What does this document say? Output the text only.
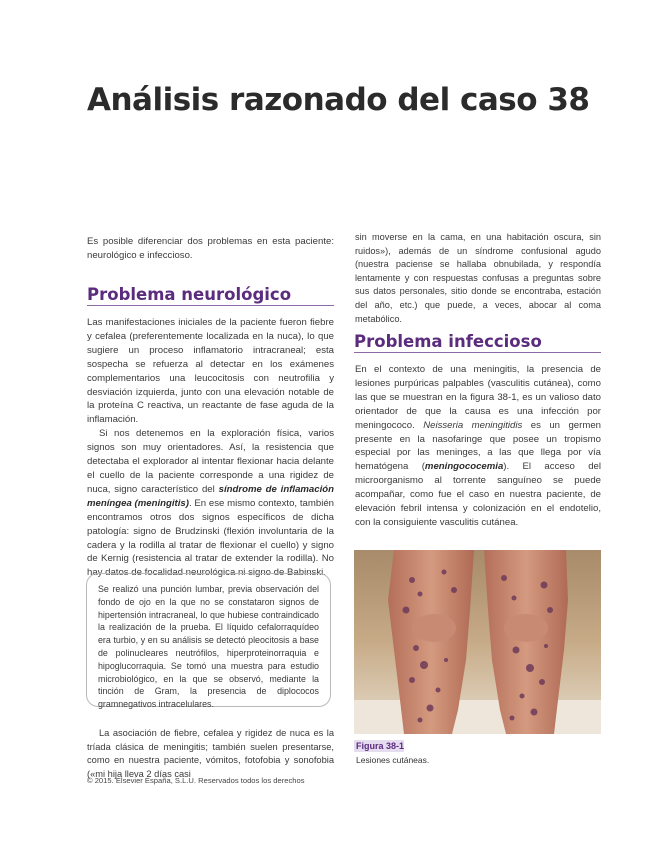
Análisis razonado del caso 38

Es posible diferenciar dos problemas en esta paciente: neurológico e infeccioso.

Problema neurológico

Las manifestaciones iniciales de la paciente fueron fiebre y cefalea (preferentemente localizada en la nuca), lo que sugiere un proceso inflamatorio intracraneal; esta sospecha se refuerza al detectar en los exámenes complementarios una leucocitosis con neutrofilia y desviación izquierda, junto con una elevación notable de la proteína C reactiva, un reactante de fase aguda de la inflamación.

Si nos detenemos en la exploración física, varios signos son muy orientadores. Así, la resistencia que detectaba el explorador al intentar flexionar hacia delante el cuello de la paciente corresponde a una rigidez de nuca, signo característico del síndrome de inflamación meníngea (meningitis). En ese mismo contexto, también encontramos otros dos signos específicos de dicha patología: signo de Brudzinski (flexión involuntaria de la cadera y la rodilla al tratar de flexionar el cuello) y signo de Kernig (resistencia al tratar de extender la rodilla). No hay datos de focalidad neurológica ni signo de Babinski.

Se realizó una punción lumbar, previa observación del fondo de ojo en la que no se constataron signos de hipertensión intracraneal, lo que hubiese contraindicado la realización de la prueba. El líquido cefalorraquídeo era turbio, y en su análisis se detectó pleocitosis a base de polinucleares neutrófilos, hiperproteinorraquia e hipoglucorraquia. Se tomó una muestra para estudio microbiológico, en la que se observó, mediante la tinción de Gram, la presencia de diplococos gramnegativos intracelulares.

La asociación de fiebre, cefalea y rigidez de nuca es la tríada clásica de meningitis; también suelen presentarse, como en nuestra paciente, vómitos, fotofobia y sonofobia («mi hija lleva 2 días casi

sin moverse en la cama, en una habitación oscura, sin ruidos»), además de un síndrome confusional agudo (nuestra paciense se hallaba obnubilada, y respondía lentamente y con respuestas confusas a preguntas sobre sus datos personales, sitio donde se encontraba, estación del año, etc.) que puede, a veces, abocar al coma metabólico.

Problema infeccioso

En el contexto de una meningitis, la presencia de lesiones purpúricas palpables (vasculitis cutánea), como las que se muestran en la figura 38-1, es un valioso dato orientador de que la causa es una infección por meningococo. Neisseria meningitidis es un germen presente en la nasofaringe que posee un tropismo especial por las meninges, a las que llega por vía hematógena (meningococemia). El acceso del microorganismo al torrente sanguíneo se puede acompañar, como fue el caso en nuestra paciente, de elevación febril intensa y colonización en el endotelio, con la consiguiente vasculitis cutánea.

Figura 38-1
Lesiones cutáneas.
© 2015. Elsevier España, S.L.U. Reservados todos los derechos
